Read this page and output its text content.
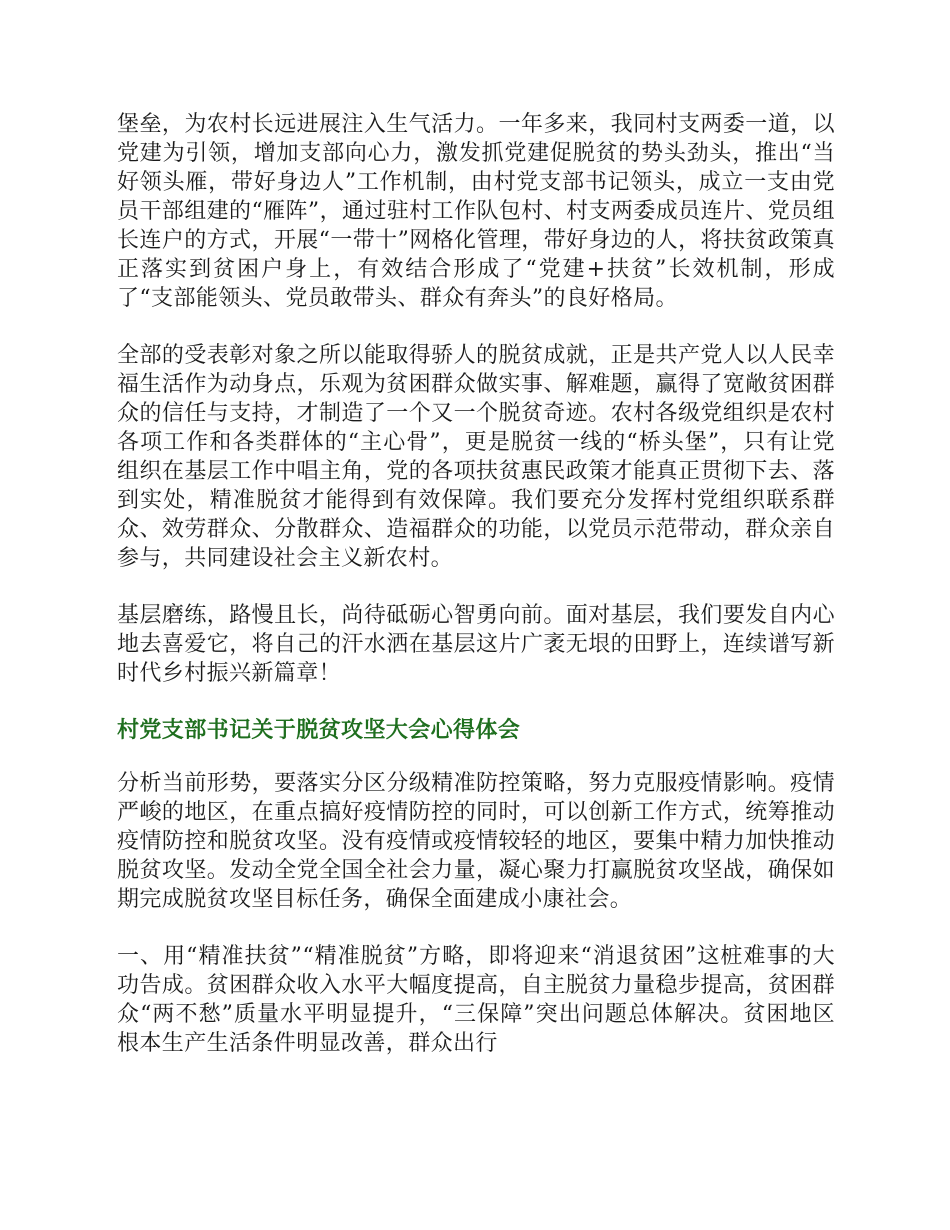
堡垒，为农村长远进展注入生气活力。一年多来，我同村支两委一道，以党建为引领，增加支部向心力，激发抓党建促脱贫的势头劲头，推出“当好领头雁，带好身边人”工作机制，由村党支部书记领头，成立一支由党员干部组建的“雁阵”，通过驻村工作队包村、村支两委成员连片、党员组长连户的方式，开展“一带十”网格化管理，带好身边的人，将扶贫政策真正落实到贫困户身上，有效结合形成了“党建+扶贫”长效机制，形成了“支部能领头、党员敢带头、群众有奔头”的良好格局。

全部的受表彰对象之所以能取得骄人的脱贫成就，正是共产党人以人民幸福生活作为动身点，乐观为贫困群众做实事、解难题，赢得了宽敞贫困群众的信任与支持，才制造了一个又一个脱贫奇迹。农村各级党组织是农村各项工作和各类群体的“主心骨”，更是脱贫一线的“桥头堡”，只有让党组织在基层工作中唱主角，党的各项扶贫惠民政策才能真正贯彻下去、落到实处，精准脱贫才能得到有效保障。我们要充分发挥村党组织联系群众、效劳群众、分散群众、造福群众的功能，以党员示范带动，群众亲自参与，共同建设社会主义新农村。

基层磨练，路慢且长，尚待砥砺心智勇向前。面对基层，我们要发自内心地去喜爱它，将自己的汗水洒在基层这片广袤无垠的田野上，连续谱写新时代乡村振兴新篇章！

村党支部书记关于脱贫攻坚大会心得体会

分析当前形势，要落实分区分级精准防控策略，努力克服疫情影响。疫情严峻的地区，在重点搞好疫情防控的同时，可以创新工作方式，统筹推动疫情防控和脱贫攻坚。没有疫情或疫情较轻的地区，要集中精力加快推动脱贫攻坚。发动全党全国全社会力量，凝心聚力打赢脱贫攻坚战，确保如期完成脱贫攻坚目标任务，确保全面建成小康社会。

一、用“精准扶贫”“精准脱贫”方略，即将迎来“消退贫困”这桩难事的大功告成。贫困群众收入水平大幅度提高，自主脱贫力量稳步提高，贫困群众“两不愁”质量水平明显提升，“三保障”突出问题总体解决。贫困地区根本生产生活条件明显改善，群众出行
